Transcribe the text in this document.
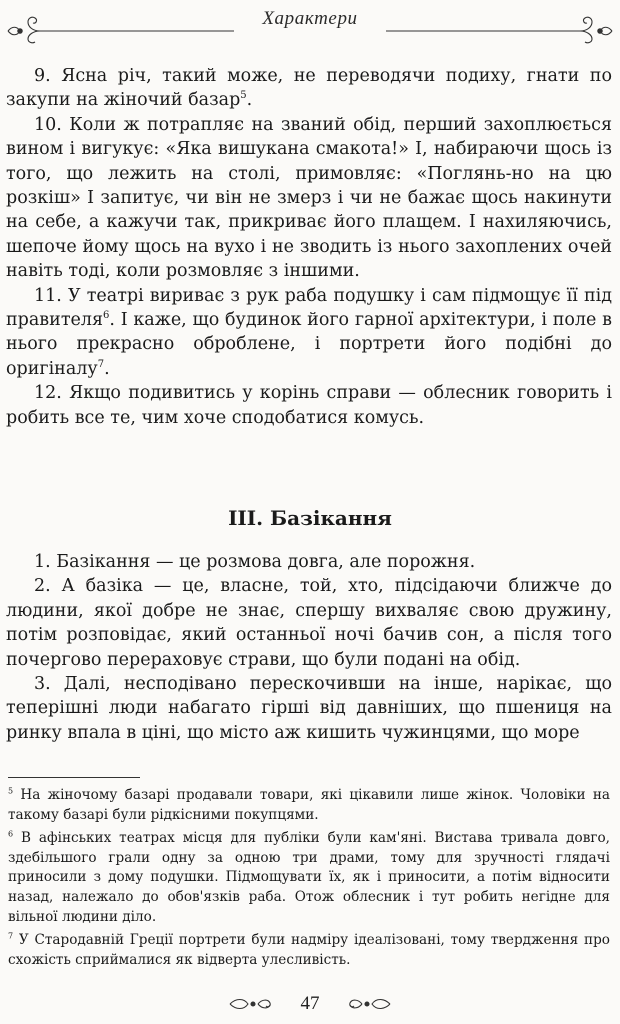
Характери

9. Ясна річ, такий може, не переводячи подиху, гнати по закупи на жіночий базар$^5$.

10. Коли ж потрапляє на званий обід, перший захоплюється вином і вигукує: «Яка вишукана смакота!» І, набираючи щось із того, що лежить на столі, примовляє: «Поглянь-но на цю розкіш» І запитує, чи він не змерз і чи не бажає щось накинути на себе, а кажучи так, прикриває його плащем. І нахиляючись, шепоче йому щось на вухо і не зводить із нього захоплених очей навіть тоді, коли розмовляє з іншими.

11. У театрі вириває з рук раба подушку і сам підмощує її під правителя$^6$. І каже, що будинок його гарної архітектури, і поле в нього прекрасно оброблене, і портрети його подібні до оригіналу$^7$.

12. Якщо подивитись у корінь справи — облесник говорить і робить все те, чим хоче сподобатися комусь.

III. Базікання

1. Базікання — це розмова довга, але порожня.

2. А базіка — це, власне, той, хто, підсідаючи ближче до людини, якої добре не знає, спершу вихваляє свою дружину, потім розповідає, який останньої ночі бачив сон, а після того почергово перераховує страви, що були подані на обід.

3. Далі, несподівано перескочивши на інше, нарікає, що теперішні люди набагато гірші від давніших, що пшениця на ринку впала в ціні, що місто аж кишить чужинцями, що море

$^5$ На жіночому базарі продавали товари, які цікавили лише жінок. Чоловіки на такому базарі були рідкісними покупцями.

$^6$ В афінських театрах місця для публіки були кам'яні. Вистава тривала довго, здебільшого грали одну за одною три драми, тому для зручності глядачі приносили з дому подушки. Підмощувати їх, як і приносити, а потім відносити назад, належало до обов'язків раба. Отож облесник і тут робить негідне для вільної людини діло.

$^7$ У Стародавній Греції портрети були надміру ідеалізовані, тому твердження про схожість сприймалися як відверта улесливість.

47
